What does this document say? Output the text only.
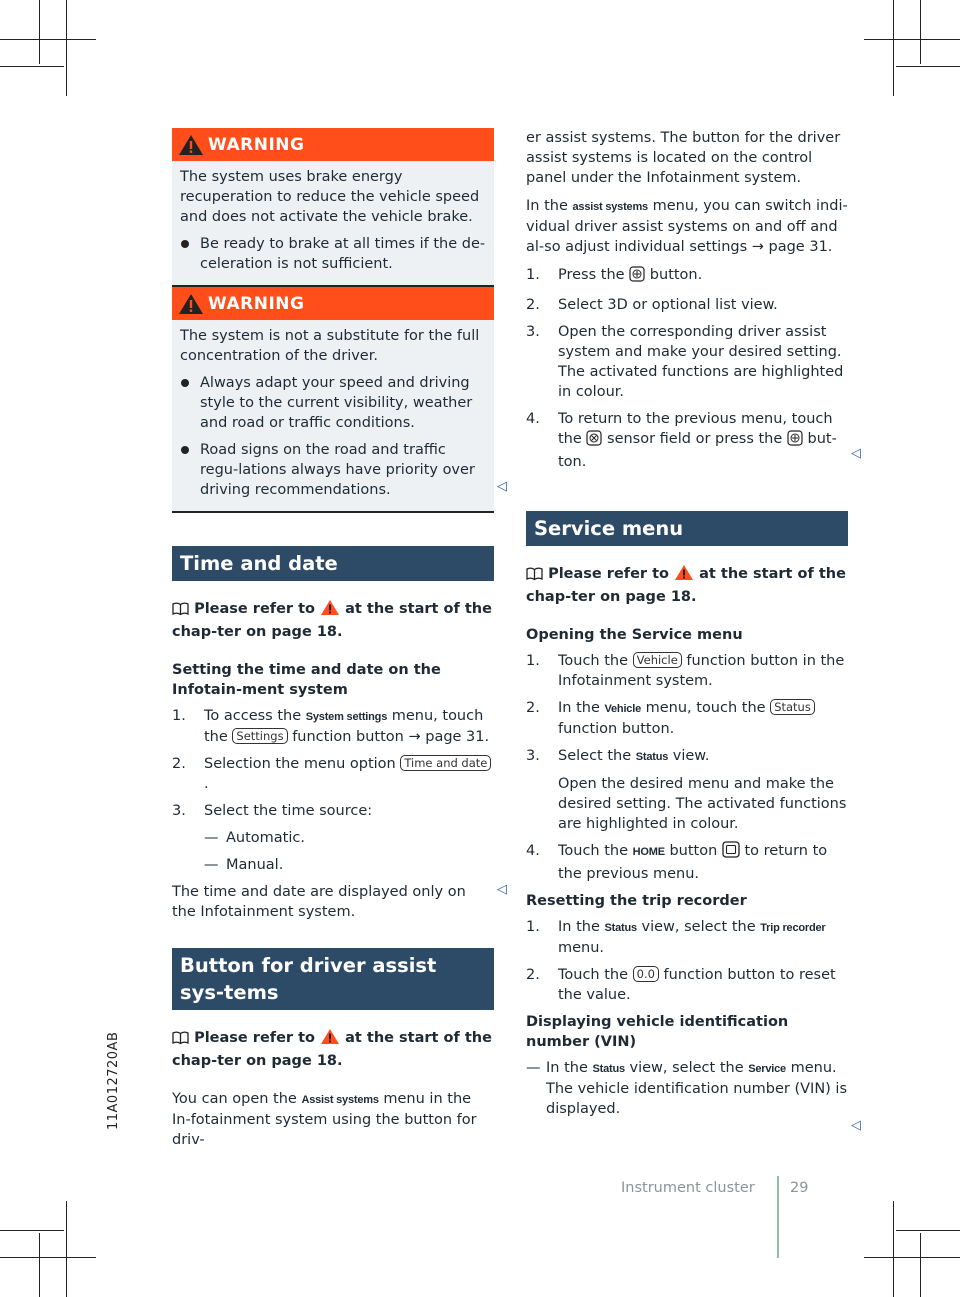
11A012720AB
WARNING

The system uses brake energy recuperation to reduce the vehicle speed and does not activate the vehicle brake.

Be ready to brake at all times if the de-celeration is not sufficient.
WARNING

The system is not a substitute for the full concentration of the driver.

Always adapt your speed and driving style to the current visibility, weather and road or traffic conditions.
Road signs on the road and traffic regu-lations always have priority over driving recommendations.
Time and date
Please refer to at the start of the chap-ter on page 18.
Setting the time and date on the Infotain-ment system
1.	To access the System settings menu, touch the Settings function button → page 31.
2.	Selection the menu option Time and date.
3.	Select the time source:
— Automatic.
— Manual.
The time and date are displayed only on the Infotainment system.
Button for driver assist sys-tems
Please refer to at the start of the chap-ter on page 18.
You can open the Assist systems menu in the In-fotainment system using the button for driv-
◁
◁
◁
◁
er assist systems. The button for the driver assist systems is located on the control panel under the Infotainment system.
In the assist systems menu, you can switch indi-vidual driver assist systems on and off and al-so adjust individual settings → page 31.
1.	Press the button.
2.	Select 3D or optional list view.
3.	Open the corresponding driver assist system and make your desired setting. The activated functions are highlighted in colour.
4.	To return to the previous menu, touch the sensor field or press the but-ton.
Service menu
Please refer to at the start of the chap-ter on page 18.
Opening the Service menu
1.	Touch the Vehicle function button in the Infotainment system.
2.	In the Vehicle menu, touch the Status function button.
3.	Select the Status view.
Open the desired menu and make the desired setting. The activated functions are highlighted in colour.
4.	Touch the HOME button to return to the previous menu.
Resetting the trip recorder
1.	In the Status view, select the Trip recorder menu.
2.	Touch the 0.0 function button to reset the value.
Displaying vehicle identification number (VIN)
— In the Status view, select the Service menu. The vehicle identification number (VIN) is displayed.
Instrument cluster 29
